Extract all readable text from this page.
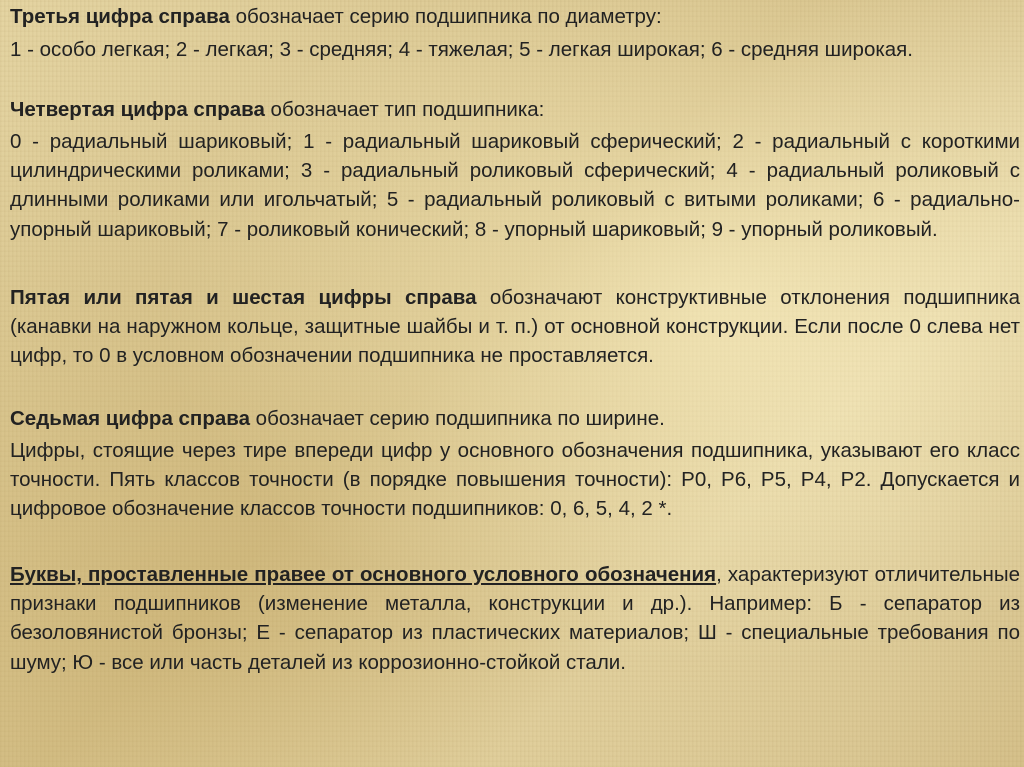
Третья цифра справа обозначает серию подшипника по диаметру:

1 - особо легкая; 2 - легкая; 3 - средняя; 4 - тяжелая; 5 - легкая широкая; 6 - средняя широкая.

Четвертая цифра справа обозначает тип подшипника:

0 - радиальный шариковый; 1 - радиальный шариковый сферический; 2 - радиальный с короткими цилиндрическими роликами; 3 - радиальный роликовый сферический; 4 - радиальный роликовый с длинными роликами или игольчатый; 5 - радиальный роликовый с витыми роликами; 6 - радиально-упорный шариковый; 7 - роликовый конический; 8 - упорный шариковый; 9 - упорный роликовый.

Пятая или пятая и шестая цифры справа обозначают конструктивные отклонения подшипника (канавки на наружном кольце, защитные шайбы и т. п.) от основной конструкции. Если после 0 слева нет цифр, то 0 в условном обозначении подшипника не проставляется.

Седьмая цифра справа обозначает серию подшипника по ширине.

Цифры, стоящие через тире впереди цифр у основного обозначения подшипника, указывают его класс точности. Пять классов точности (в порядке повышения точности): Р0, Р6, Р5, Р4, Р2. Допускается и цифровое обозначение классов точности подшипников: 0, 6, 5, 4, 2 *.

Буквы, проставленные правее от основного условного обозначения, характеризуют отличительные признаки подшипников (изменение металла, конструкции и др.). Например: Б - сепаратор из безоловянистой бронзы; Е - сепаратор из пластических материалов; Ш - специальные требования по шуму; Ю - все или часть деталей из коррозионно-стойкой стали.
